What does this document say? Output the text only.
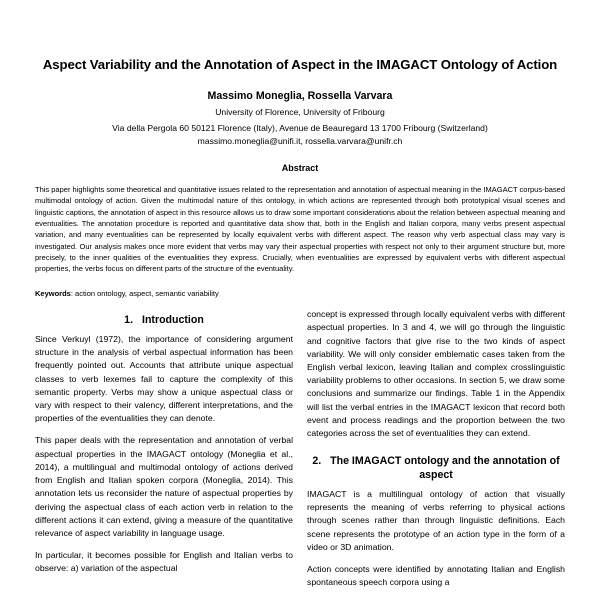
Aspect Variability and the Annotation of Aspect in the IMAGACT Ontology of Action

Massimo Moneglia, Rossella Varvara

University of Florence, University of Fribourg

Via della Pergola 60 50121 Florence (Italy), Avenue de Beauregard 13 1700 Fribourg (Switzerland)

massimo.moneglia@unifi.it, rossella.varvara@unifr.ch

Abstract

This paper highlights some theoretical and quantitative issues related to the representation and annotation of aspectual meaning in the IMAGACT corpus-based multimodal ontology of action. Given the multimodal nature of this ontology, in which actions are represented through both prototypical visual scenes and linguistic captions, the annotation of aspect in this resource allows us to draw some important considerations about the relation between aspectual meaning and eventualities. The annotation procedure is reported and quantitative data show that, both in the English and Italian corpora, many verbs present aspectual variation, and many eventualities can be represented by locally equivalent verbs with different aspect. The reason why verb aspectual class may vary is investigated. Our analysis makes once more evident that verbs may vary their aspectual properties with respect not only to their argument structure but, more precisely, to the inner qualities of the eventualities they express. Crucially, when eventualities are expressed by equivalent verbs with different aspectual properties, the verbs focus on different parts of the structure of the eventuality.

Keywords: action ontology, aspect, semantic variability

1. Introduction

Since Verkuyl (1972), the importance of considering argument structure in the analysis of verbal aspectual information has been frequently pointed out. Accounts that attribute unique aspectual classes to verb lexemes fail to capture the complexity of this semantic property. Verbs may show a unique aspectual class or vary with respect to their valency, different interpretations, and the properties of the eventualities they can denote.

This paper deals with the representation and annotation of verbal aspectual properties in the IMAGACT ontology (Moneglia et al., 2014), a multilingual and multimodal ontology of actions derived from English and Italian spoken corpora (Moneglia, 2014). This annotation lets us reconsider the nature of aspectual properties by deriving the aspectual class of each action verb in relation to the different actions it can extend, giving a measure of the quantitative relevance of aspect variability in language usage.

In particular, it becomes possible for English and Italian verbs to observe: a) variation of the aspectual

concept is expressed through locally equivalent verbs with different aspectual properties. In 3 and 4, we will go through the linguistic and cognitive factors that give rise to the two kinds of aspect variability. We will only consider emblematic cases taken from the English verbal lexicon, leaving Italian and complex crosslinguistic variability problems to other occasions. In section 5, we draw some conclusions and summarize our findings. Table 1 in the Appendix will list the verbal entries in the IMAGACT lexicon that record both event and process readings and the proportion between the two categories across the set of eventualities they can extend.

2. The IMAGACT ontology and the annotation of aspect

IMAGACT is a multilingual ontology of action that visually represents the meaning of verbs referring to physical actions through scenes rather than through linguistic definitions. Each scene represents the prototype of an action type in the form of a video or 3D animation.

Action concepts were identified by annotating Italian and English spontaneous speech corpora using a
